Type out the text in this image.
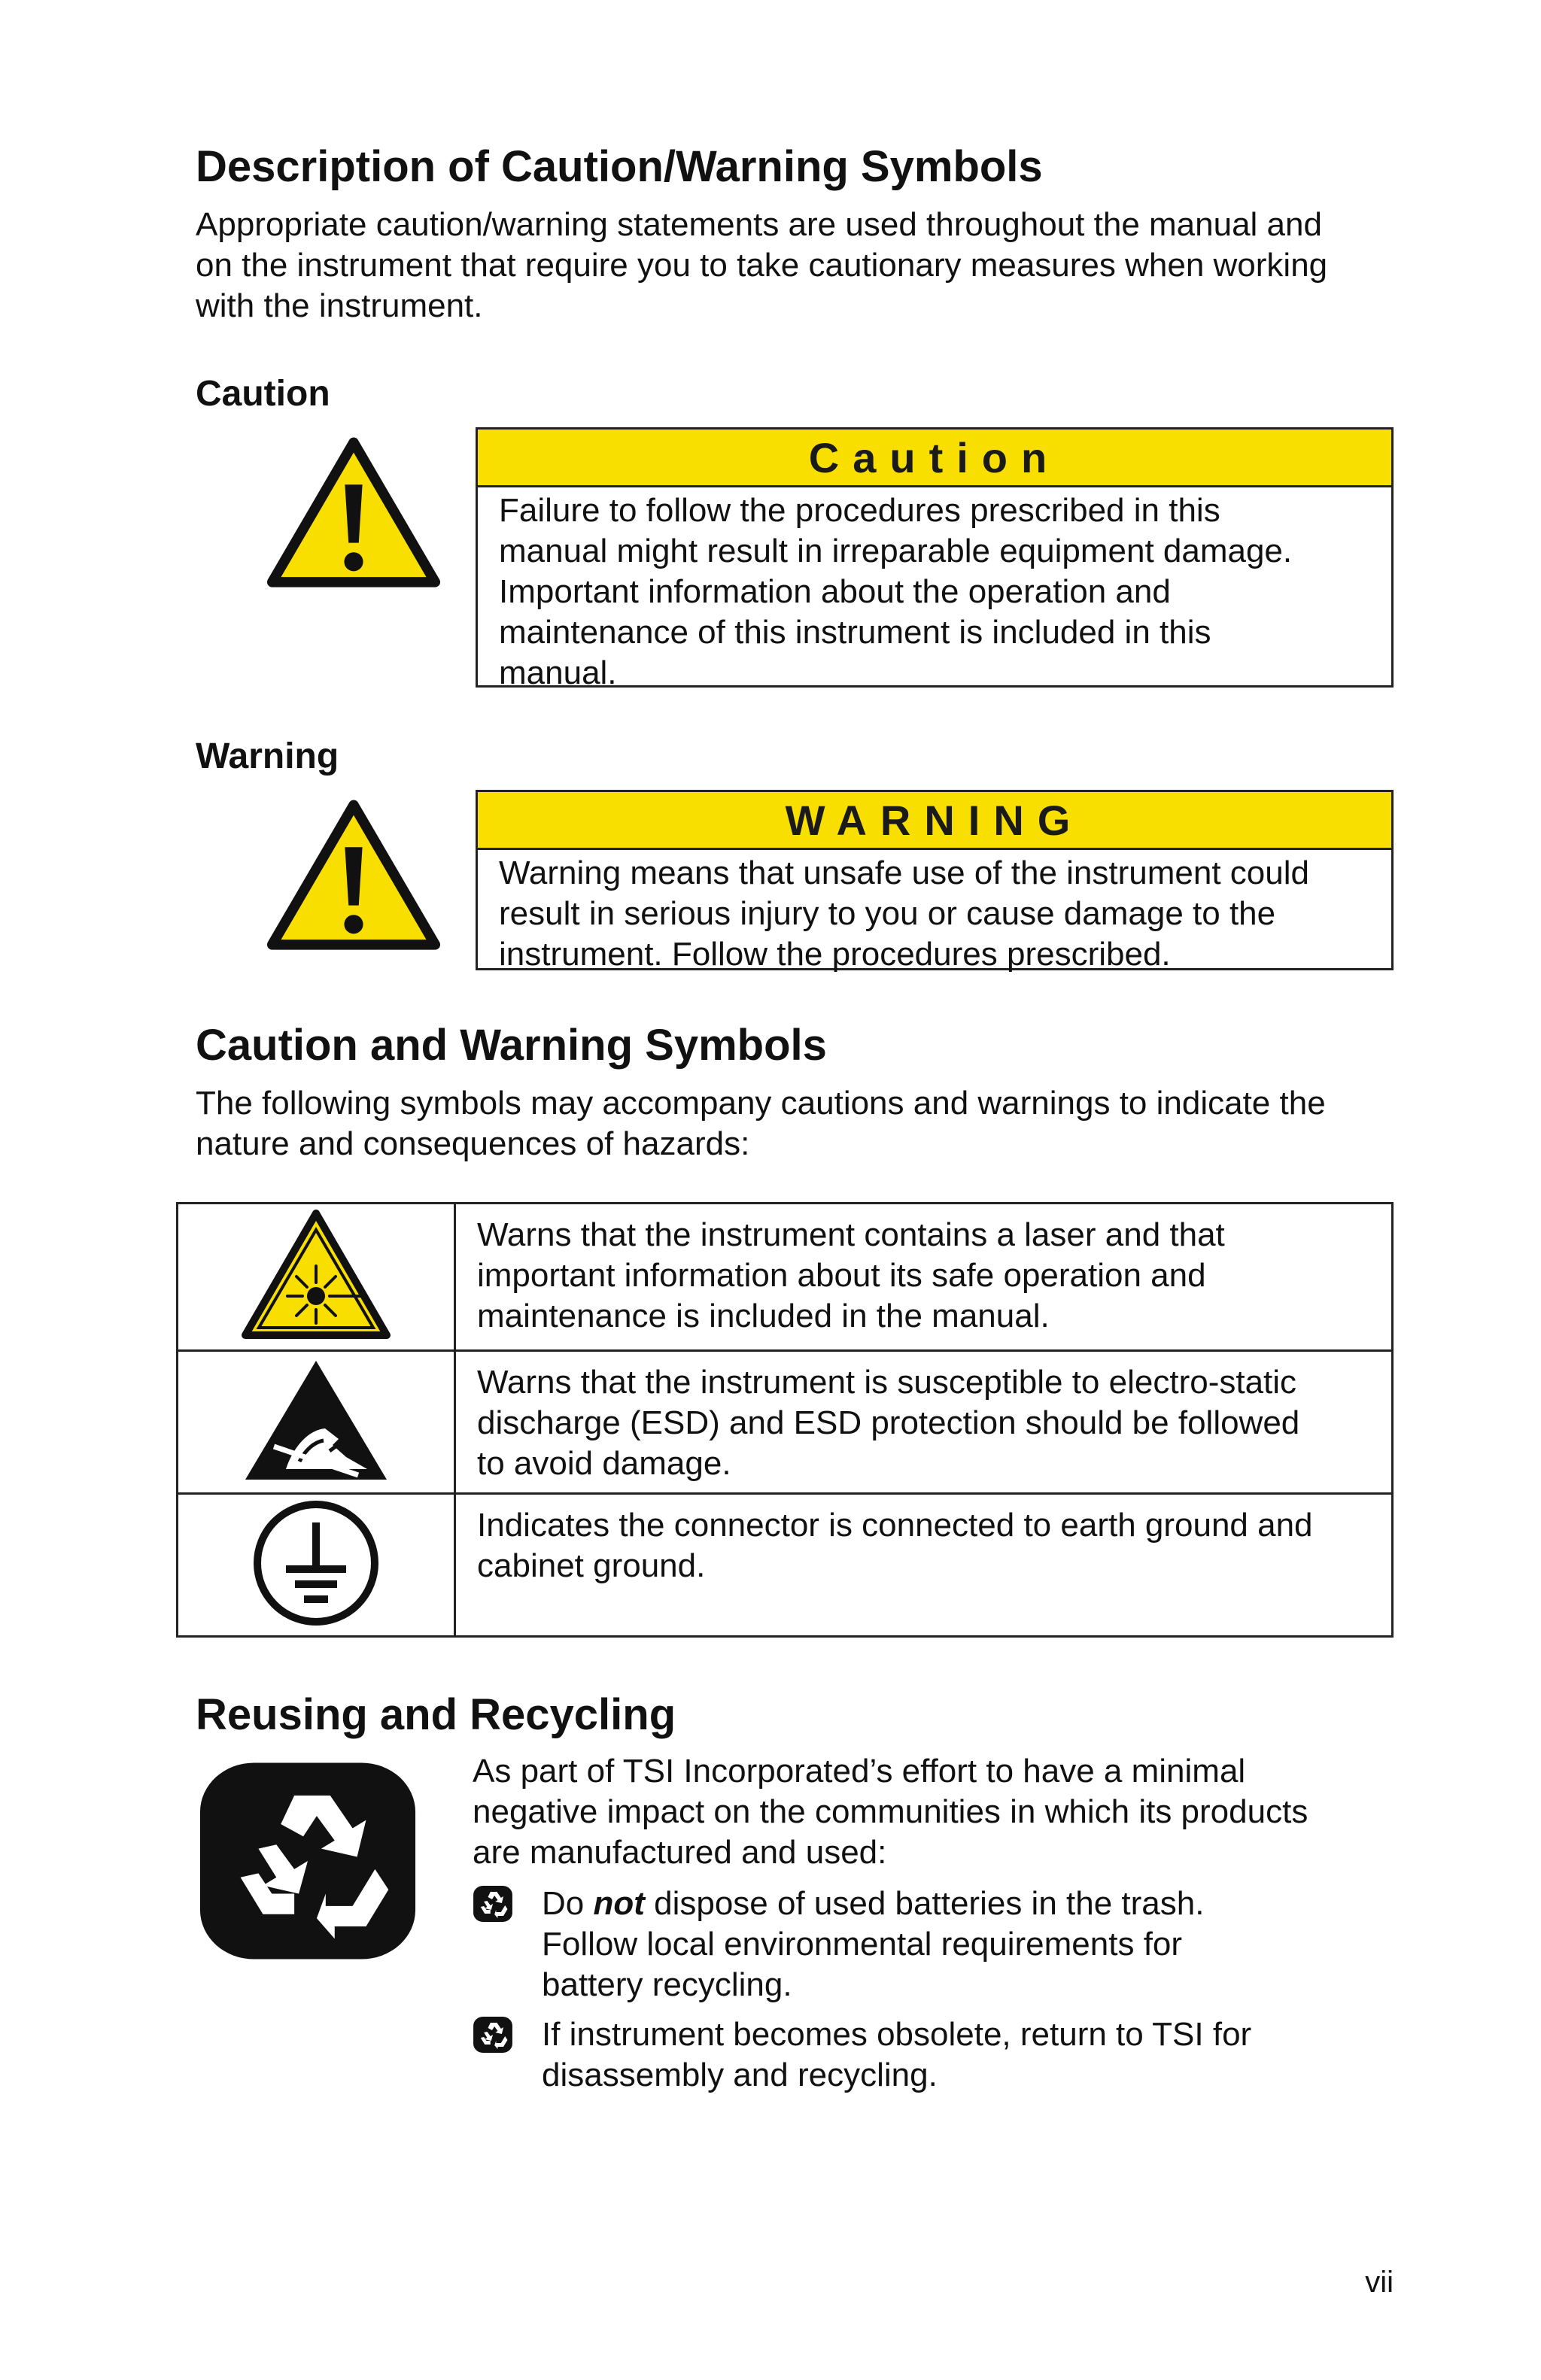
Description of Caution/Warning Symbols
Appropriate caution/warning statements are used throughout the manual and
on the instrument that require you to take cautionary measures when working
with the instrument.
Caution
Caution
Failure to follow the procedures prescribed in this
manual might result in irreparable equipment damage.
Important information about the operation and
maintenance of this instrument is included in this
manual.
Warning
WARNING
Warning means that unsafe use of the instrument could
result in serious injury to you or cause damage to the
instrument. Follow the procedures prescribed.
Caution and Warning Symbols
The following symbols may accompany cautions and warnings to indicate the
nature and consequences of hazards:

Warns that the instrument contains a laser and that
important information about its safe operation and
maintenance is included in the manual.

Warns that the instrument is susceptible to electro-static
discharge (ESD) and ESD protection should be followed
to avoid damage.

Indicates the connector is connected to earth ground and
cabinet ground.
Reusing and Recycling
As part of TSI Incorporated’s effort to have a minimal
negative impact on the communities in which its products
are manufactured and used:
Do not dispose of used batteries in the trash.
Follow local environmental requirements for
battery recycling.
If instrument becomes obsolete, return to TSI for
disassembly and recycling.
vii
